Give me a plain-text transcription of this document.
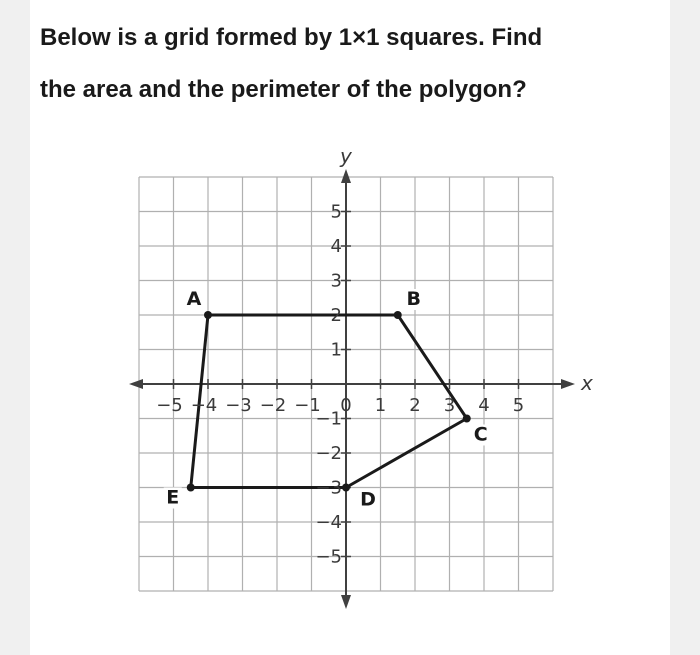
Below is a grid formed by 1×1 squares. Find
the area and the perimeter of the polygon?
x
y
−5 −4 −3 −2 −1 0 1 2 3 4 5
5
4
3
2
1
−1
−2
−3
−4
−5
A	B
C
D
E
